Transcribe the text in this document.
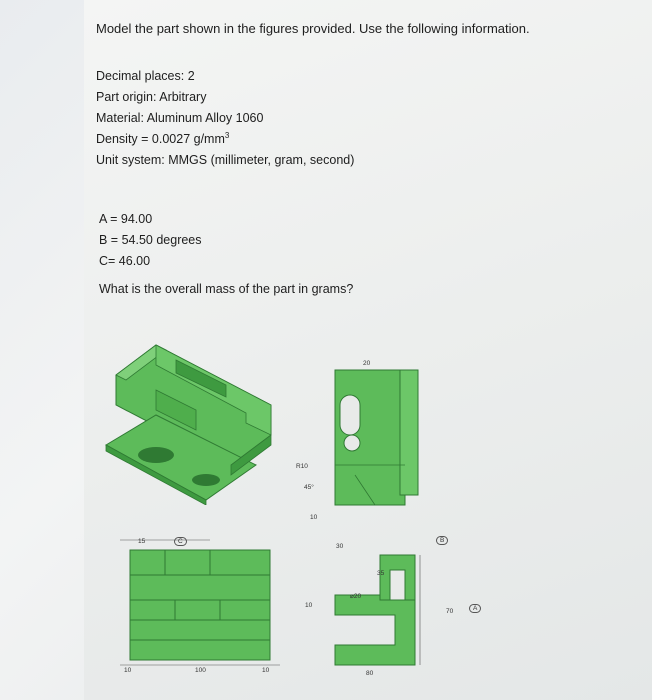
Model the part shown in the figures provided. Use the following information.
Decimal places: 2
Part origin: Arbitrary
Material: Aluminum Alloy 1060
Density = 0.0027 $g/mm^3$
Unit system: MMGS (millimeter, gram, second)
A = 94.00
B = 54.50 degrees
C= 46.00
What is the overall mass of the part in grams?
20
R10
45°
10
15	C
10	100	10
30
B
35
⌀20
10
70	A
80
